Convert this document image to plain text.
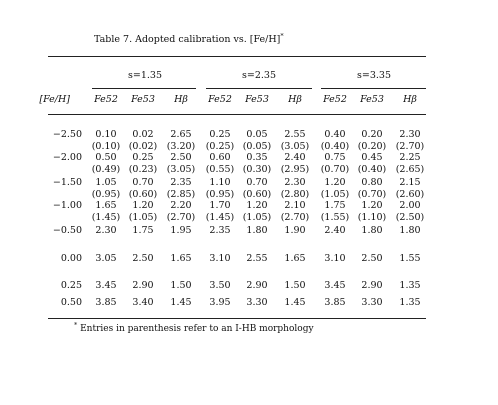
Table 7. Adopted calibration vs. [Fe/H]*
s=1.35	s=2.35	s=3.35
[Fe/H]	Fe52	Fe53	Hβ	Fe52	Fe53	Hβ	Fe52	Fe53	Hβ
−2.50	0.10	0.02	2.65	0.25	0.05	2.55	0.40	0.20	2.30
(0.10) (0.02) (3.20)	(0.25) (0.05) (3.05)	(0.40) (0.20) (2.70)
−2.00	0.50	0.25	2.50	0.60	0.35	2.40	0.75	0.45	2.25
(0.49) (0.23) (3.05)	(0.55) (0.30) (2.95)	(0.70) (0.40) (2.65)
−1.50	1.05	0.70	2.35	1.10	0.70	2.30	1.20	0.80	2.15
(0.95) (0.60) (2.85)	(0.95) (0.60) (2.80)	(1.05) (0.70) (2.60)
−1.00	1.65	1.20	2.20	1.70	1.20	2.10	1.75	1.20	2.00
(1.45) (1.05) (2.70)	(1.45) (1.05) (2.70)	(1.55) (1.10) (2.50)
−0.50	2.30	1.75	1.95	2.35	1.80	1.90	2.40	1.80	1.80
0.00	3.05	2.50	1.65	3.10	2.55	1.65	3.10	2.50	1.55
0.25	3.45	2.90	1.50	3.50	2.90	1.50	3.45	2.90	1.35
0.50	3.85	3.40	1.45	3.95	3.30	1.45	3.85	3.30	1.35
* Entries in parenthesis refer to an I-HB morphology
